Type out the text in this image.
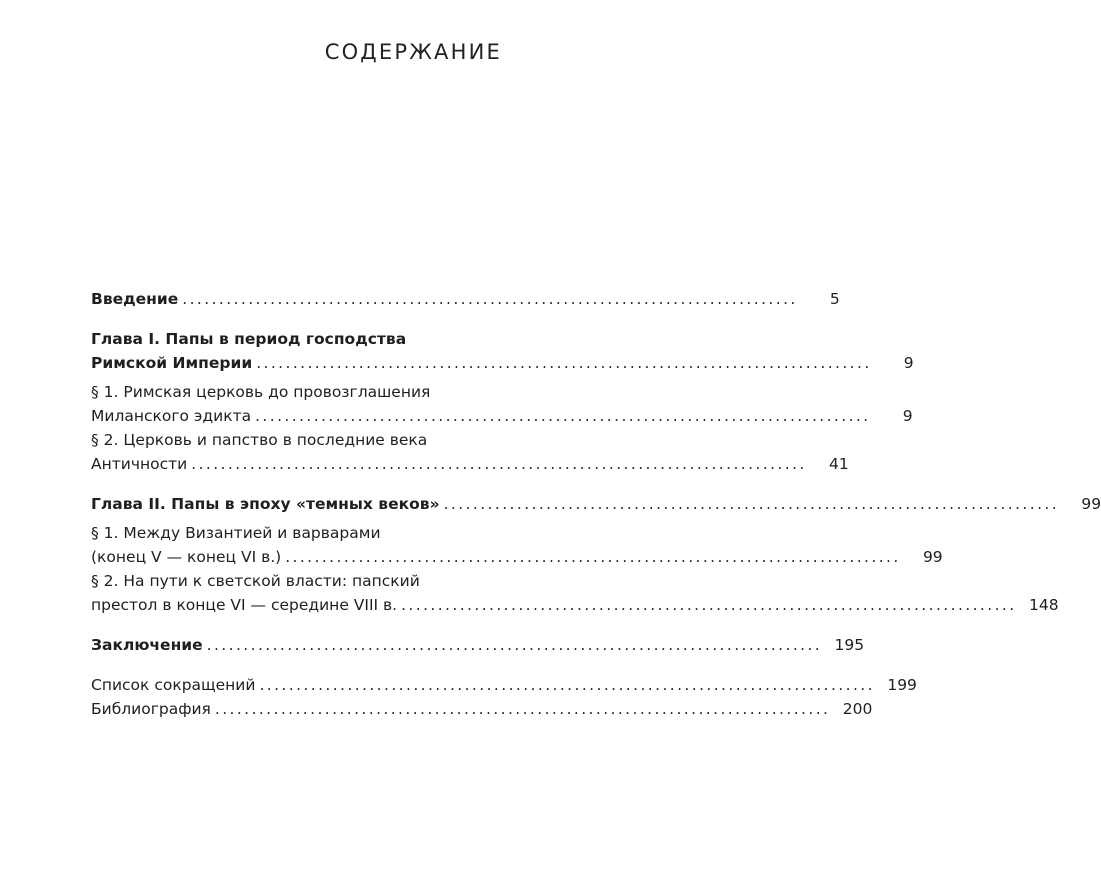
СОДЕРЖАНИЕ
Введение ....................................................................................	5
Глава I. Папы в период господства
Римской Империи ....................................................................................	9
§ 1. Римская церковь до провозглашения
Миланского эдикта ....................................................................................	9
§ 2. Церковь и папство в последние века
Античности ....................................................................................	41
Глава II. Папы в эпоху «темных веков» ....................................................................................	99
§ 1. Между Византией и варварами
(конец V — конец VI в.) ....................................................................................	99
§ 2. На пути к светской власти: папский
престол в конце VI — середине VIII в. .................................................................................... 148
Заключение .................................................................................... 195
Список сокращений .................................................................................... 199
Библиография .................................................................................... 200
